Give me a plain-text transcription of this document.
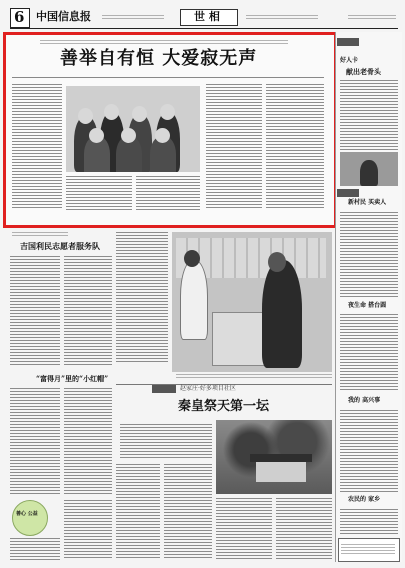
6 中国信息报	世 相
善举自有恒 大爱寂无声	好人卡
献出老骨头
新村民 买卖人
夜生命 搭台圆
我的 高兴事
农民的 家乡
吉国利民志愿者服务队
“富得月”里的“小红帽”
善心 公益
赵家庄·好多项目社区
秦皇祭天第一坛
